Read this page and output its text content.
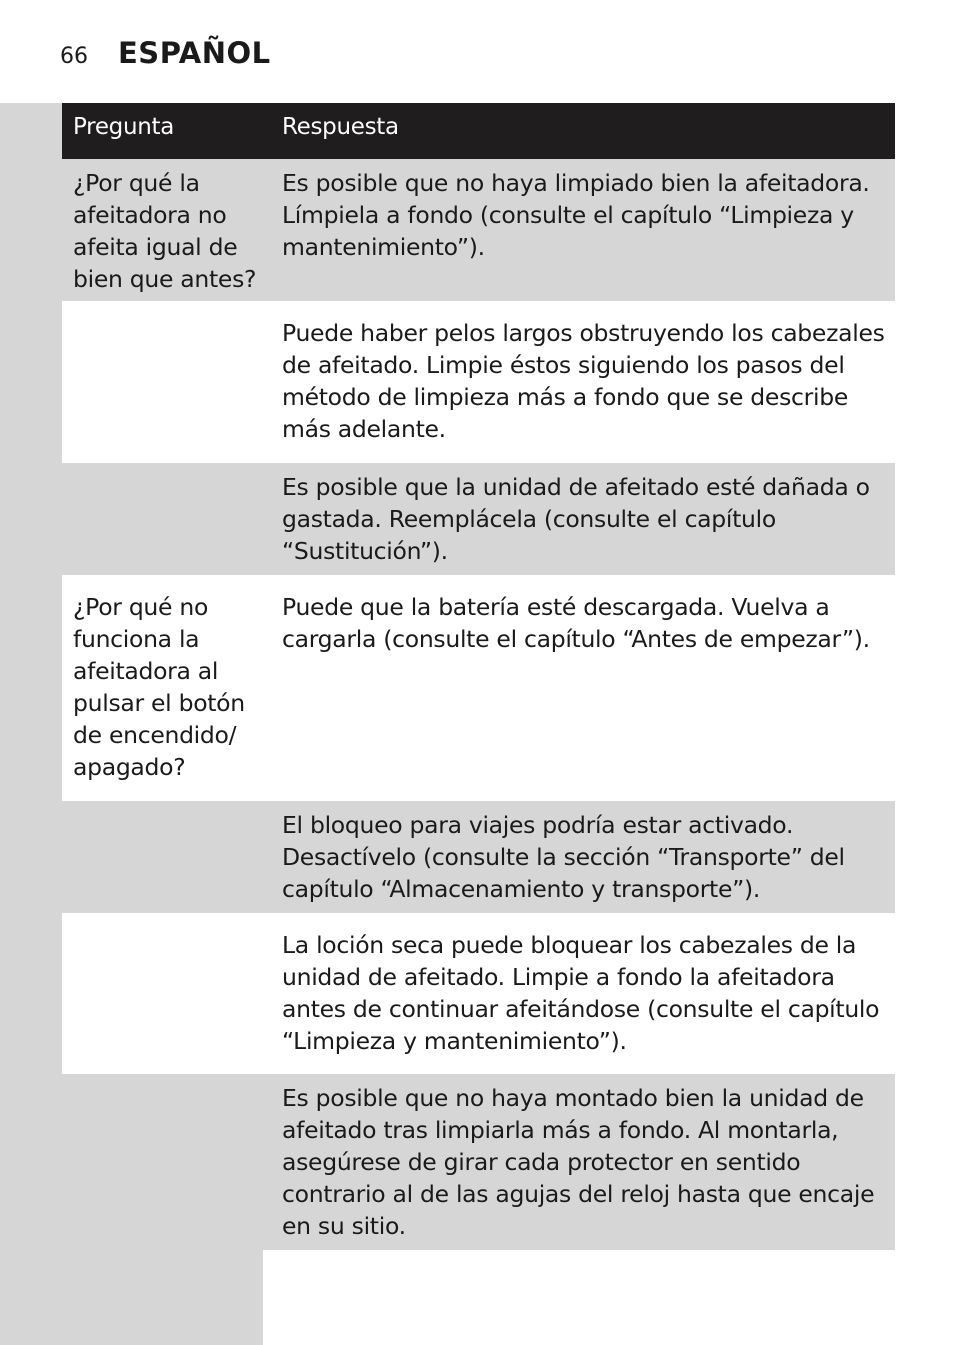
66 ESPAÑOL
Pregunta	Respuesta
¿Por qué la afeitadora no afeita igual de bien que antes?
Es posible que no haya limpiado bien la afeitadora. Límpiela a fondo (consulte el capítulo “Limpieza y mantenimiento”).
Puede haber pelos largos obstruyendo los cabezales de afeitado. Limpie éstos siguiendo los pasos del método de limpieza más a fondo que se describe más adelante.
Es posible que la unidad de afeitado esté dañada o gastada. Reemplácela (consulte el capítulo “Sustitución”).
¿Por qué no funciona la afeitadora al pulsar el botón de encendido/ apagado?
Puede que la batería esté descargada. Vuelva a cargarla (consulte el capítulo “Antes de empezar”).
El bloqueo para viajes podría estar activado. Desactívelo (consulte la sección “Transporte” del capítulo “Almacenamiento y transporte”).
La loción seca puede bloquear los cabezales de la unidad de afeitado. Limpie a fondo la afeitadora antes de continuar afeitándose (consulte el capítulo “Limpieza y mantenimiento”).
Es posible que no haya montado bien la unidad de afeitado tras limpiarla más a fondo. Al montarla, asegúrese de girar cada protector en sentido contrario al de las agujas del reloj hasta que encaje en su sitio.
